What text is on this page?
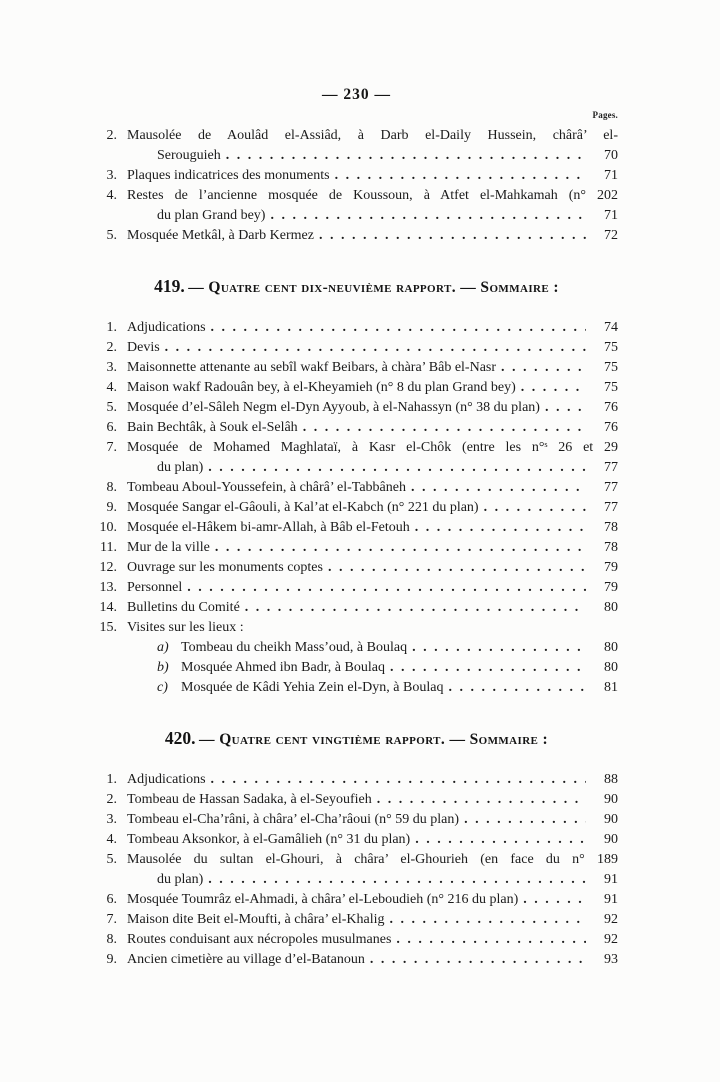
— 230 —
Pages.
2. Mausolée de Aoulâd el-Assiâd, à Darb el-Daily Hussein, chârâ’ el-
Serouguieh . . .	70
3. Plaques indicatrices des monuments . . .	71
4. Restes de l’ancienne mosquée de Koussoun, à Atfet el-Mahkamah (n° 202
du plan Grand bey) . . .	71
5. Mosquée Metkâl, à Darb Kermez . . .	72
419. — Quatre cent dix-neuvième rapport. — Sommaire :
1. Adjudications . . .	74
2. Devis . . .	75
3. Maisonnette attenante au sebîl wakf Beibars, à chàra’ Bâb el-Nasr . . .	75
4. Maison wakf Radouân bey, à el-Kheyamieh (n° 8 du plan Grand bey) . . .	75
5. Mosquée d’el-Sâleh Negm el-Dyn Ayyoub, à el-Nahassyn (n° 38 du plan) . . .	76
6. Bain Bechtâk, à Souk el-Selâh . . .	76
7. Mosquée de Mohamed Maghlataï, à Kasr el-Chôk (entre les n°ˢ 26 et 29
du plan) . . .	77
8. Tombeau Aboul-Youssefein, à chârâ’ el-Tabbâneh . . .	77
9. Mosquée Sangar el-Gâouli, à Kal’at el-Kabch (n° 221 du plan) . . .	77
10. Mosquée el-Hâkem bi-amr-Allah, à Bâb el-Fetouh . . .	78
11. Mur de la ville . . .	78
12. Ouvrage sur les monuments coptes . . .	79
13. Personnel . . .	79
14. Bulletins du Comité . . .	80
15. Visites sur les lieux :
a) Tombeau du cheikh Mass’oud, à Boulaq . . .	80
b) Mosquée Ahmed ibn Badr, à Boulaq . . .	80
c) Mosquée de Kâdi Yehia Zein el-Dyn, à Boulaq . . .	81
420. — Quatre cent vingtième rapport. — Sommaire :
1. Adjudications . . .	88
2. Tombeau de Hassan Sadaka, à el-Seyoufieh . . .	90
3. Tombeau el-Cha’râni, à châra’ el-Cha’râoui (n° 59 du plan) . . .	90
4. Tombeau Aksonkor, à el-Gamâlieh (n° 31 du plan) . . .	90
5. Mausolée du sultan el-Ghouri, à châra’ el-Ghourieh (en face du n° 189
du plan) . . .	91
6. Mosquée Toumrâz el-Ahmadi, à châra’ el-Leboudieh (n° 216 du plan) . . .	91
7. Maison dite Beit el-Moufti, à châra’ el-Khalig . . .	92
8. Routes conduisant aux nécropoles musulmanes . . .	92
9. Ancien cimetière au village d’el-Batanoun . . .	93
